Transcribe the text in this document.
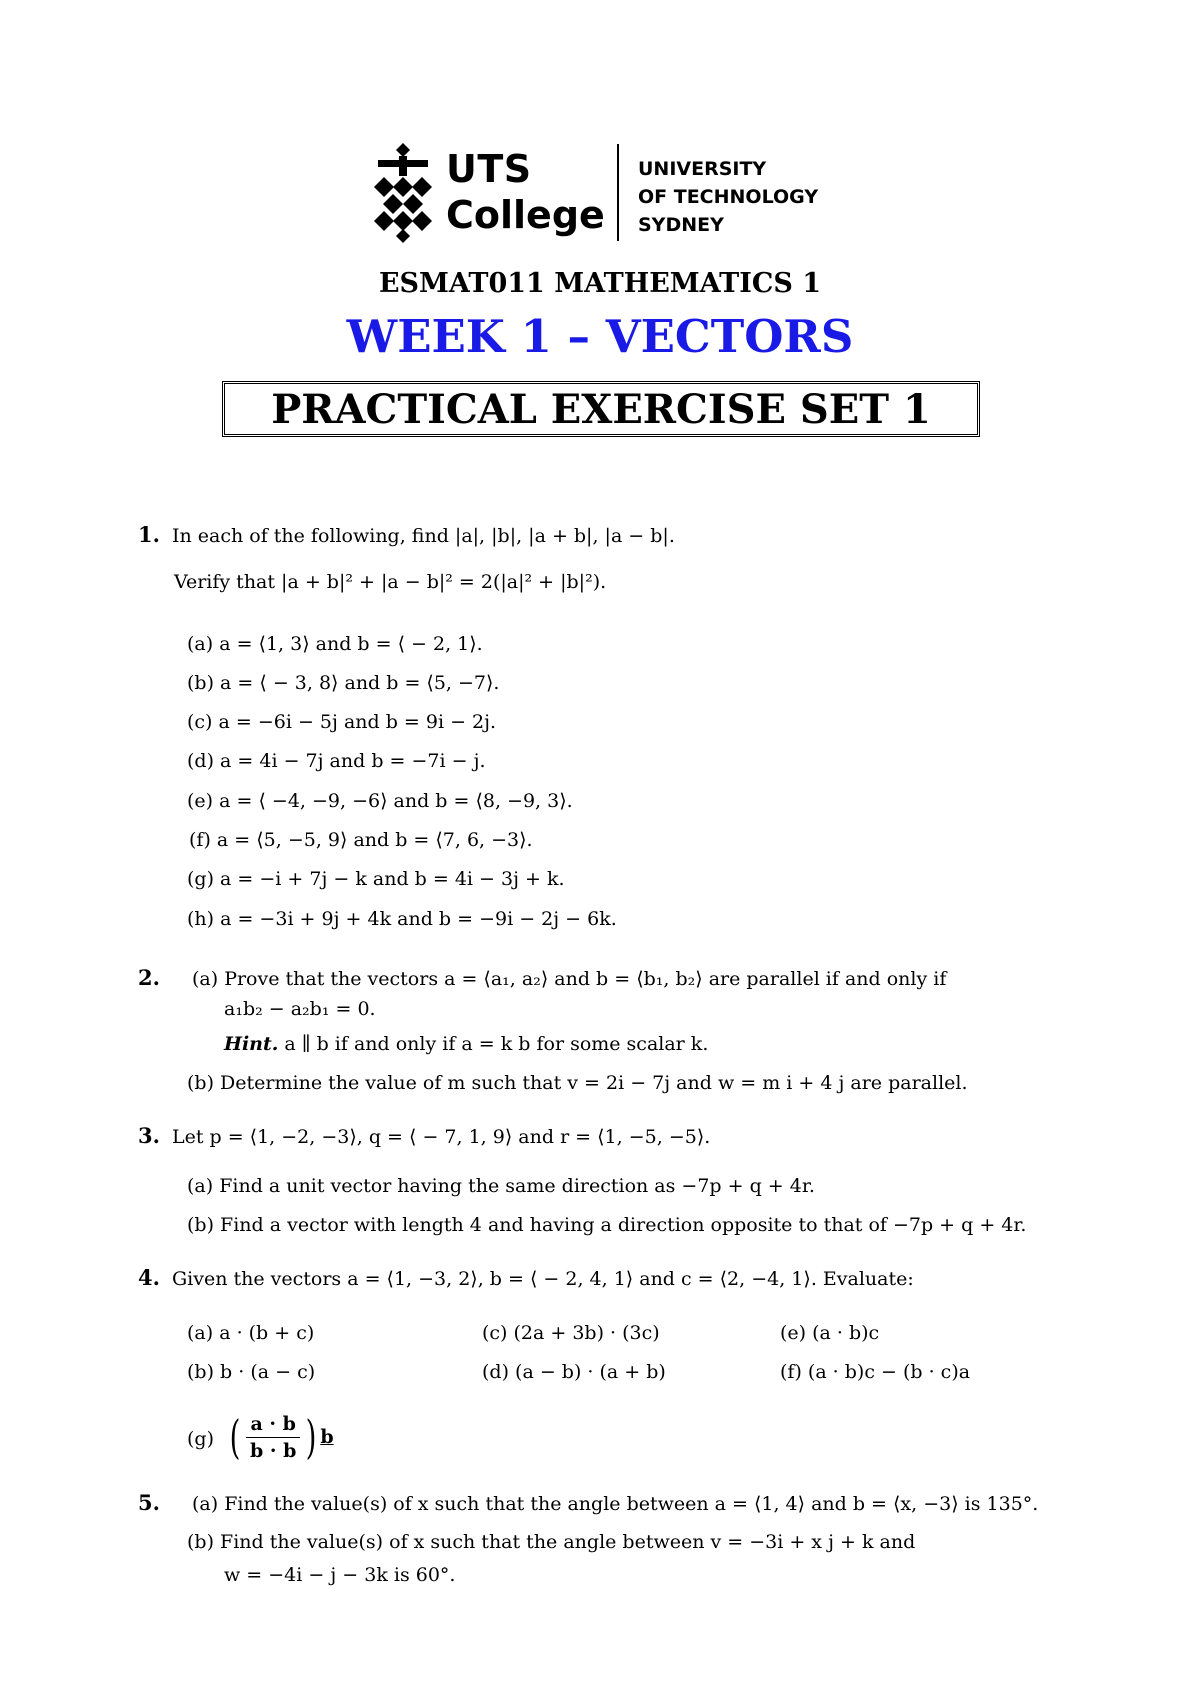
UTS
College
UNIVERSITY
OF TECHNOLOGY
SYDNEY
ESMAT011 MATHEMATICS 1
WEEK 1 – VECTORS
PRACTICAL EXERCISE SET 1
1. In each of the following, find |a|, |b|, |a + b|, |a − b|.
Verify that |a + b|² + |a − b|² = 2(|a|² + |b|²).
(a) a = ⟨1, 3⟩ and b = ⟨ − 2, 1⟩.
(b) a = ⟨ − 3, 8⟩ and b = ⟨5, −7⟩.
(c) a = −6i − 5j and b = 9i − 2j.
(d) a = 4i − 7j and b = −7i − j.
(e) a = ⟨ −4, −9, −6⟩ and b = ⟨8, −9, 3⟩.
(f) a = ⟨5, −5, 9⟩ and b = ⟨7, 6, −3⟩.
(g) a = −i + 7j − k and b = 4i − 3j + k.
(h) a = −3i + 9j + 4k and b = −9i − 2j − 6k.
2. (a) Prove that the vectors a = ⟨a₁, a₂⟩ and b = ⟨b₁, b₂⟩ are parallel if and only if
a₁b₂ − a₂b₁ = 0.
Hint. a ∥ b if and only if a = k b for some scalar k.
(b) Determine the value of m such that v = 2i − 7j and w = m i + 4 j are parallel.
3. Let p = ⟨1, −2, −3⟩, q = ⟨ − 7, 1, 9⟩ and r = ⟨1, −5, −5⟩.
(a) Find a unit vector having the same direction as −7p + q + 4r.
(b) Find a vector with length 4 and having a direction opposite to that of −7p + q + 4r.
4. Given the vectors a = ⟨1, −3, 2⟩, b = ⟨ − 2, 4, 1⟩ and c = ⟨2, −4, 1⟩. Evaluate:
(a) a · (b + c)
(b) b · (a − c)
(c) (2a + 3b) · (3c)
(d) (a − b) · (a + b)
(e) (a · b)c
(f) (a · b)c − (b · c)a
(g) ( $\frac{a \cdot b}{b \cdot b}$ ) b
5. (a) Find the value(s) of x such that the angle between a = ⟨1, 4⟩ and b = ⟨x, −3⟩ is 135°.
(b) Find the value(s) of x such that the angle between v = −3i + x j + k and
w = −4i − j − 3k is 60°.
